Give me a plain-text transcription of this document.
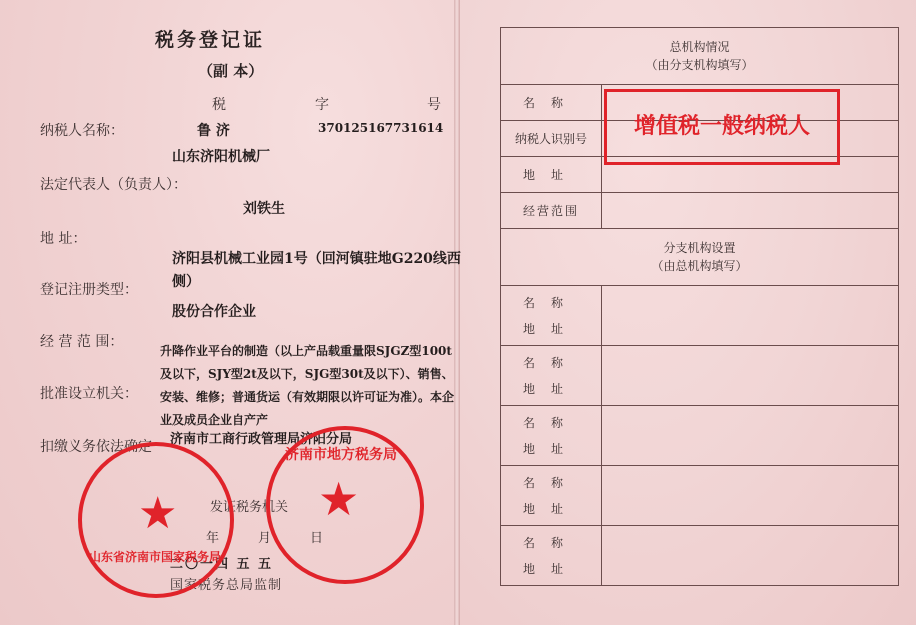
税务登记证
（副 本）
税	字	号
纳税人名称：	鲁 济	370125167731614
山东济阳机械厂
法定代表人（负责人）：
刘铁生
地 址：
济阳县机械工业园1号（回河镇驻地G220线西侧）
登记注册类型：
股份合作企业
经 营 范 围：
升降作业平台的制造（以上产品载重量限SJGZ型100t及以下，SJY型2t及以下，SJG型30t及以下）、销售、安装、维修；普通货运（有效期限以许可证为准）。本企业及成员企业自产产
批准设立机关：
济南市工商行政管理局济阳分局
扣缴义务依法确定
发证税务机关
年	月	日
二〇一四 五 五
国家税务总局监制
★
山东省济南市国家税务局
★
济南市地方税务局
总机构情况
（由分支机构填写）	

名称	
纳税人识别号	
地址	
经营范围	

分支机构设置
（由总机构填写）	

名称
地址	

名称
地址	

名称
地址	

名称
地址	

名称
地址	

增值税一般纳税人
